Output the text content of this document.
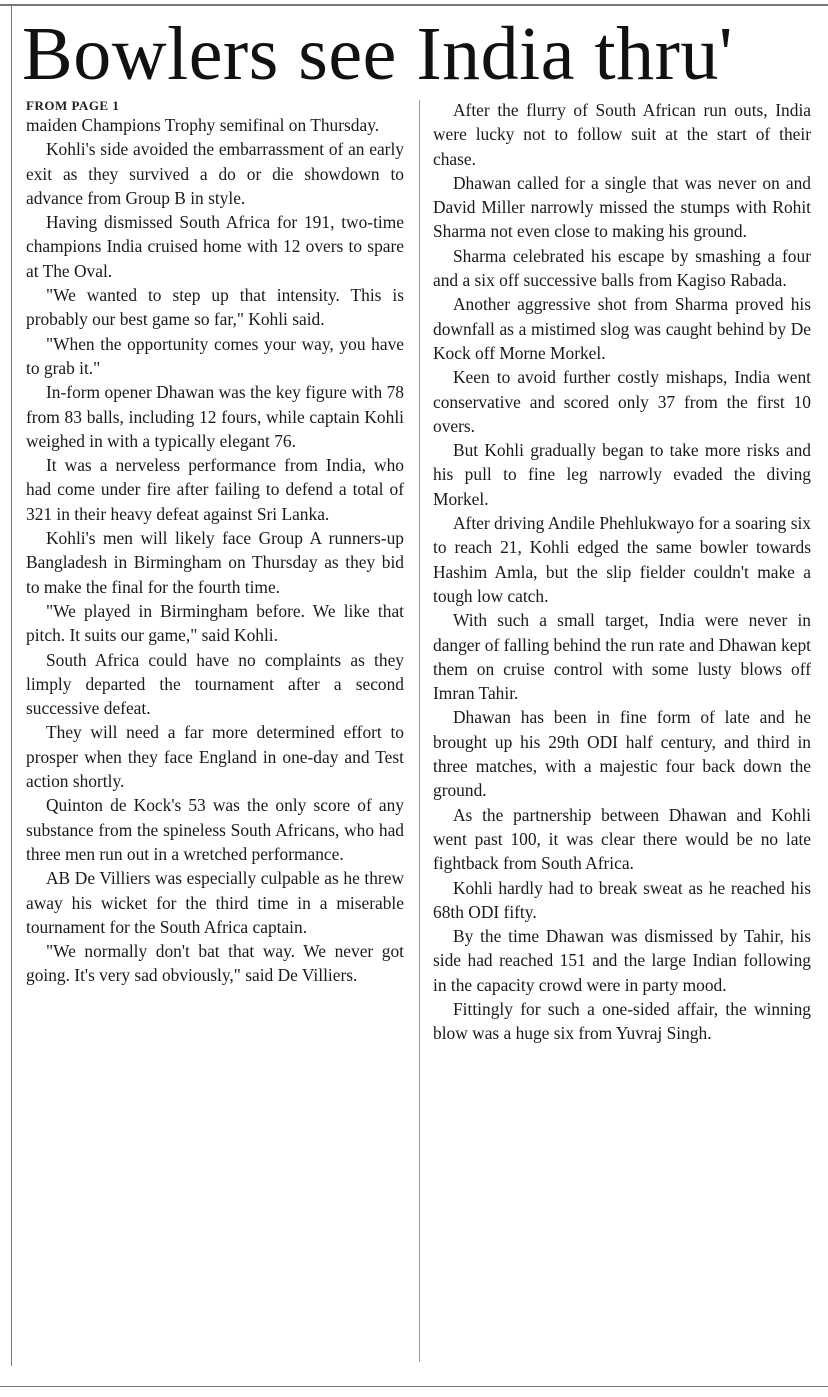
Bowlers see India thru'
FROM PAGE 1

maiden Champions Trophy semifinal on Thursday.

Kohli's side avoided the embarrassment of an early exit as they survived a do or die showdown to advance from Group B in style.

Having dismissed South Africa for 191, two-time champions India cruised home with 12 overs to spare at The Oval.

"We wanted to step up that intensity. This is probably our best game so far," Kohli said.

"When the opportunity comes your way, you have to grab it."

In-form opener Dhawan was the key figure with 78 from 83 balls, including 12 fours, while captain Kohli weighed in with a typically elegant 76.

It was a nerveless performance from India, who had come under fire after failing to defend a total of 321 in their heavy defeat against Sri Lanka.

Kohli's men will likely face Group A runners-up Bangladesh in Birmingham on Thursday as they bid to make the final for the fourth time.

"We played in Birmingham before. We like that pitch. It suits our game," said Kohli.

South Africa could have no complaints as they limply departed the tournament after a second successive defeat.

They will need a far more determined effort to prosper when they face England in one-day and Test action shortly.

Quinton de Kock's 53 was the only score of any substance from the spineless South Africans, who had three men run out in a wretched performance.

AB De Villiers was especially culpable as he threw away his wicket for the third time in a miserable tournament for the South Africa captain.

"We normally don't bat that way. We never got going. It's very sad obviously," said De Villiers.

After the flurry of South African run outs, India were lucky not to follow suit at the start of their chase.

Dhawan called for a single that was never on and David Miller narrowly missed the stumps with Rohit Sharma not even close to making his ground.

Sharma celebrated his escape by smashing a four and a six off successive balls from Kagiso Rabada.

Another aggressive shot from Sharma proved his downfall as a mistimed slog was caught behind by De Kock off Morne Morkel.

Keen to avoid further costly mishaps, India went conservative and scored only 37 from the first 10 overs.

But Kohli gradually began to take more risks and his pull to fine leg narrowly evaded the diving Morkel.

After driving Andile Phehlukwayo for a soaring six to reach 21, Kohli edged the same bowler towards Hashim Amla, but the slip fielder couldn't make a tough low catch.

With such a small target, India were never in danger of falling behind the run rate and Dhawan kept them on cruise control with some lusty blows off Imran Tahir.

Dhawan has been in fine form of late and he brought up his 29th ODI half century, and third in three matches, with a majestic four back down the ground.

As the partnership between Dhawan and Kohli went past 100, it was clear there would be no late fightback from South Africa.

Kohli hardly had to break sweat as he reached his 68th ODI fifty.

By the time Dhawan was dismissed by Tahir, his side had reached 151 and the large Indian following in the capacity crowd were in party mood.

Fittingly for such a one-sided affair, the winning blow was a huge six from Yuvraj Singh.
